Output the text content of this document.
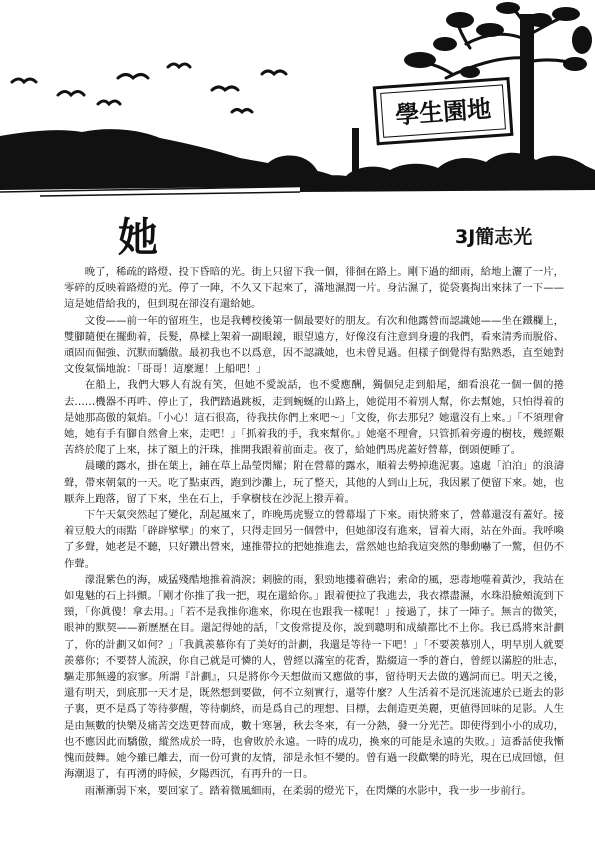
學生園地
她	3J簡志光

晚了，稀疏的路燈、投下昏暗的光。街上只留下我一個，徘徊在路上。剛下過的細雨，給地上灑了一片，零碎的反映着路燈的光。停了一陣，不久又下起來了，滿地濕潤一片。身沾濕了，從袋裏掏出來抹了一下——這是她借給我的，但到現在卻沒有還給她。

文俊——前一年的留班生，也是我轉校後第一個最要好的朋友。有次和他露營而認識她——坐在鐵欄上，雙腳隨便在擺動着，長髮，鼻樑上架着一副眼鏡，眼望遠方，好像沒有注意到身邊的我們，看來清秀而脫俗、頑固而倔強、沉默而驕傲。最初我也不以爲意，因不認識她，也未曾見過。但樣子倒覺得有點熟悉，直至她對文俊氣惱地說：「哥哥！這麼遲！上船吧！」

在船上，我們大夥人有說有笑，但她不愛說話，也不愛應酬，獨個兒走到船尾，細看浪花一個一個的捲去……機器不再吽、停止了，我們踏過跳板，走到蜿蜒的山路上，她從用不着別人幫，你去幫她，只怕得着的是她那高傲的氣焰。「小心！這石很高，待我扶你們上來吧〜」「文俊，你去那兒？她還沒有上來。」「不須理會她，她有手有腳自然會上來，走吧！」「抓着我的手，我來幫你。」她毫不理會，只管抓着旁邊的樹枝，幾經艱苦終於爬了上來，抹了額上的汗珠，推開我跟着前面走。夜了，給她們馬虎蓋好營幕，倒頭便睡了。

晨曦的露水，掛在葉上，鋪在草上晶瑩閃耀；附在營幕的露水，順着去勢掉進泥裏。遠處「泊泊」的浪濤聲，帶來朝氣的一天。吃了點東西，跑到沙灘上，玩了整天，其他的人到山上玩，我因累了便留下來。她，也厭奔上跑落，留了下來，坐在石上，手拿樹枝在沙泥上撥弄着。

下午天氣突然起了變化，刮起風來了，昨晚馬虎豎立的營幕塌了下來。雨快將來了，營幕還沒有蓋好。接着豆般大的雨點「辟辟擘擘」的來了，只得走回另一個營中，但她卻沒有進來，冒着大雨，站在外面。我呼喚了多聲，她老是不聽，只好鑽出營來，連推帶拉的把她推進去，當然她也給我這突然的舉動嚇了一驚，但仍不作聲。

濛混紫色的海，威猛殘酷地推着淌淚；刺臉的雨，狠勁地摟着礁岩；索命的風，惡毒地噬着黃沙，我站在如鬼魅的石上抖顫。「剛才你推了我一把，現在還給你。」跟着便拉了我進去，我衣襟盡濕，水珠沿臉頰流到下頸，「你眞傻！拿去用。」「若不是我推你進來，你現在也跟我一樣呢！」接過了，抹了一陣子。無言的微笑，眼神的默契——新歷歷在目。還記得她的話，「文俊常提及你，說到聰明和成績都比不上你。我已爲將來計劃了，你的計劃又如何？」「我眞羨慕你有了美好的計劃，我還是等待一下吧！」「不要羨慕別人，明早別人就要羨慕你；不要替人流淚，你自己就是可憐的人，曾經以滿室的花香，點綴這一季的蒼白，曾經以滿腔的壯志，驅走那無邊的寂寥。所謂『計劃』，只是將你今天想做而又應做的事，留待明天去做的邁詞而已。明天之後，還有明天，到底那一天才是，既然想到要做，何不立刻實行，還等什麼？人生活着不是沉迷流連於已逝去的影子裏，更不是爲了等待夢醒，等待劇終，而是爲自己的理想、目標，去創造更美麗，更値得回味的足影。人生是由無數的快樂及痛苦交迭更替而成，數十寒暑，秋去冬來，有一分熱，發一分光芒。即使得到小小的成功，也不應因此而驕傲，縱然成於一時，也會敗於永遠。一時的成功，換來的可能是永遠的失敗。」這番話使我慚愧而鼓舞。她今雖已離去，而一份可貴的友情，卻是永恒不變的。曾有過一段歡樂的時光，現在已成回憶，但海潮退了，有再湧的時候，夕陽西沉，有再升的一日。

雨漸漸弱下來，要回家了。踏着微風細雨，在柔弱的燈光下，在閃爍的水影中，我一步一步前行。
